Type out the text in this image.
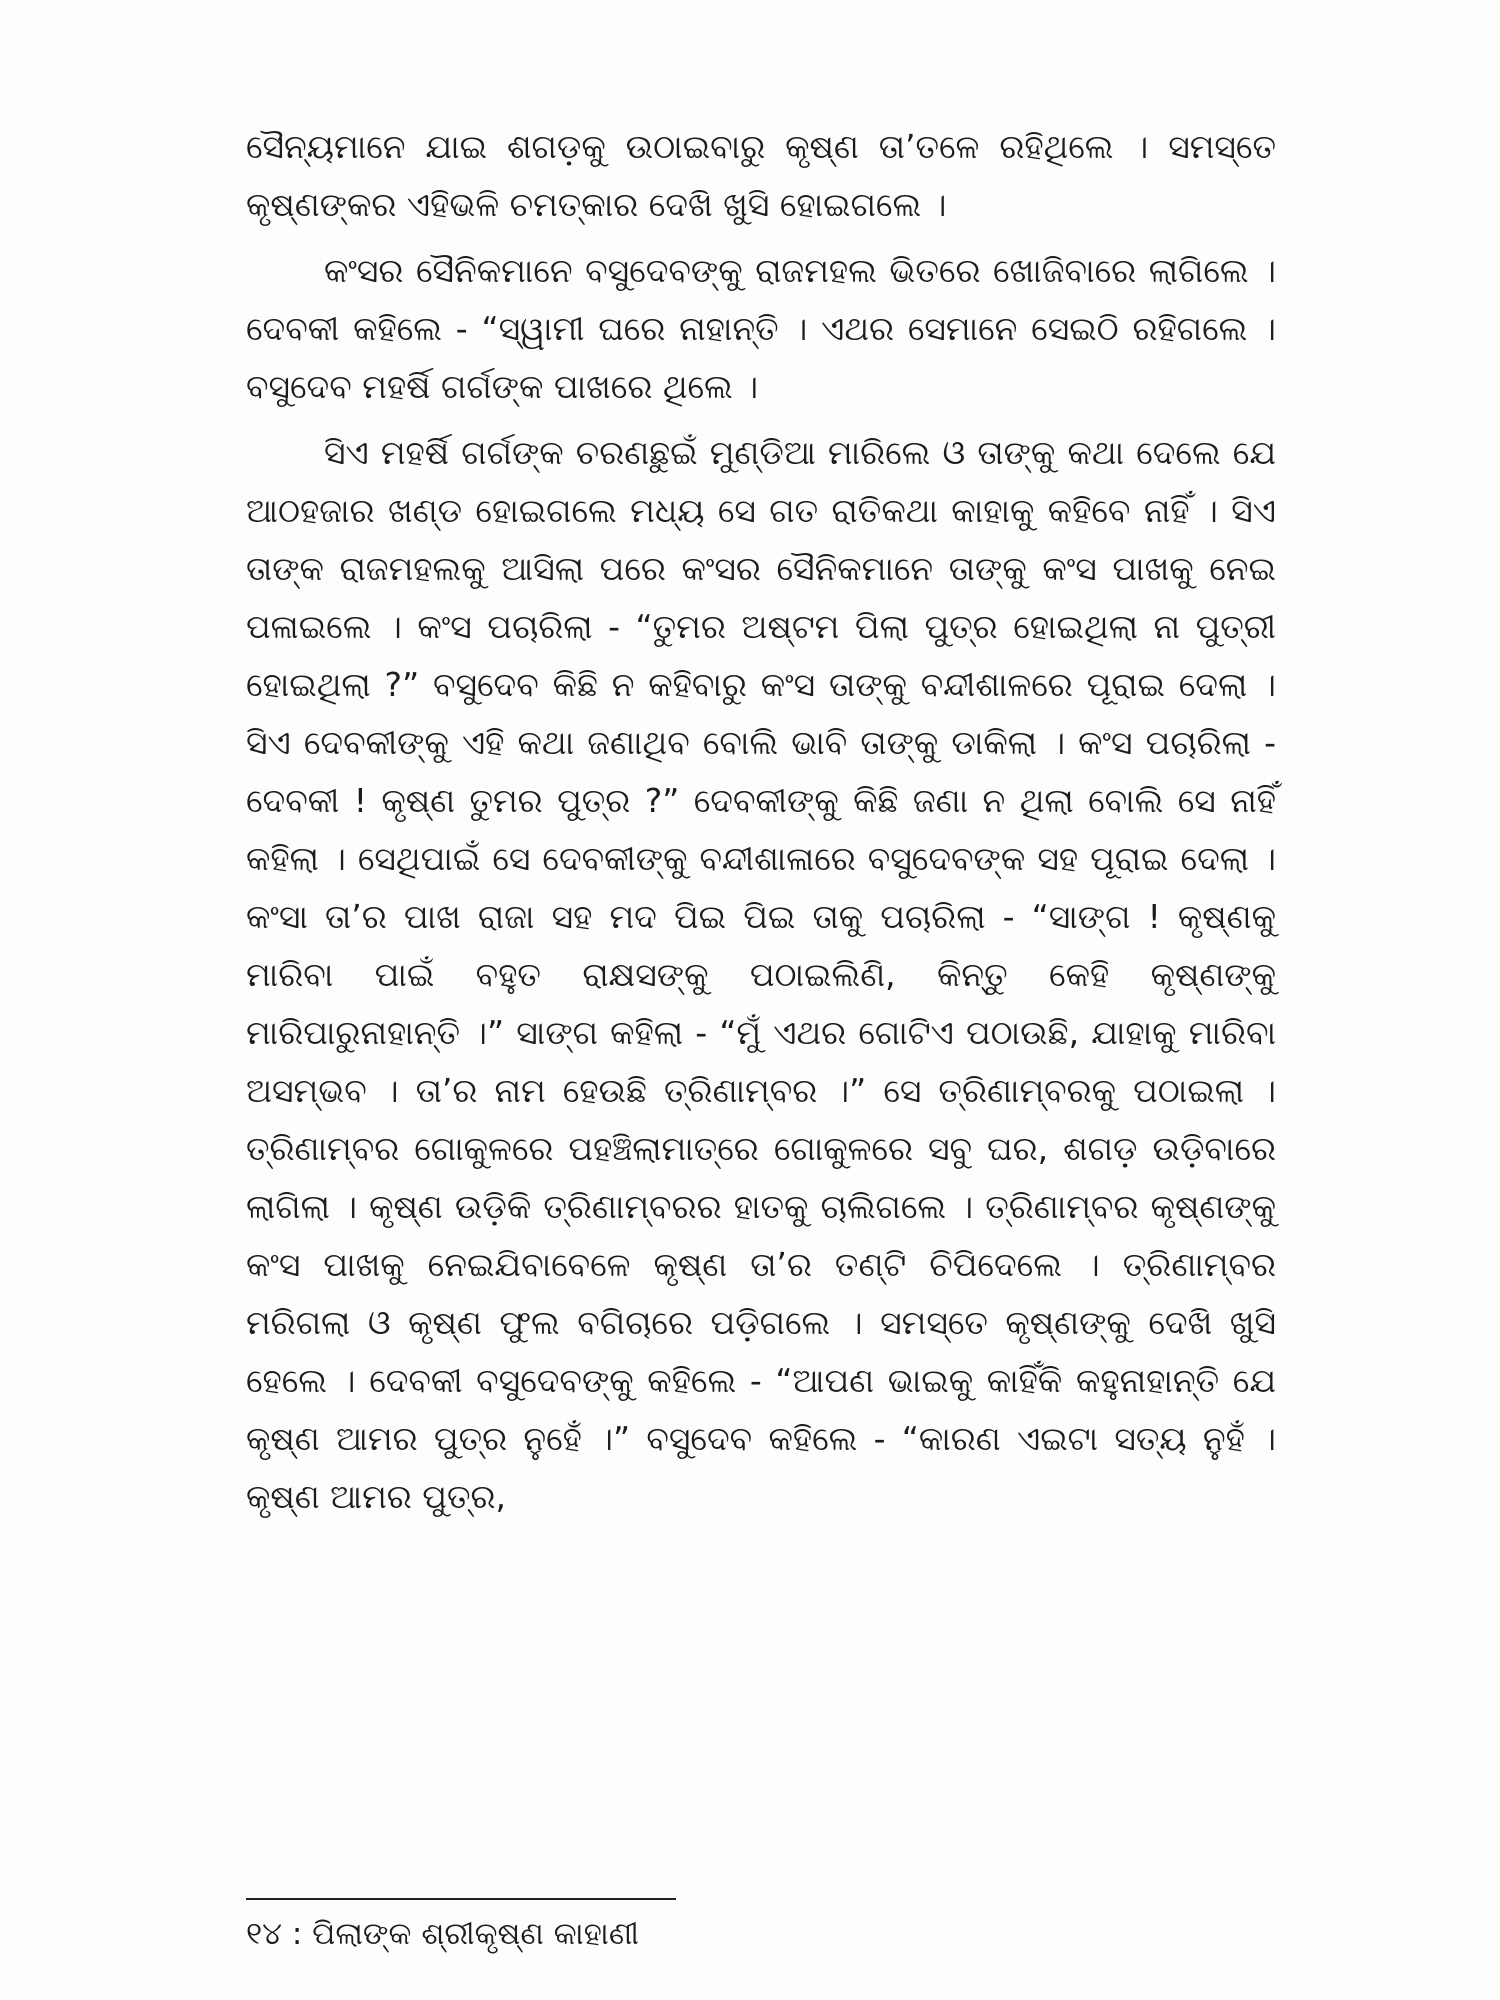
ସୈନ୍ୟମାନେ ଯାଇ ଶଗଡ଼କୁ ଉଠାଇବାରୁ କୃଷ୍ଣ ତା’ତଳେ ରହିଥିଲେ । ସମସ୍ତେ କୃଷ୍ଣଙ୍କର ଏହିଭଳି ଚମତ୍କାର ଦେଖି ଖୁସି ହୋଇଗଲେ ।

କଂସର ସୈନିକମାନେ ବସୁଦେବଙ୍କୁ ରାଜମହଲ ଭିତରେ ଖୋଜିବାରେ ଲାଗିଲେ । ଦେବକୀ କହିଲେ - “ସ୍ୱାମୀ ଘରେ ନାହାନ୍ତି । ଏଥର ସେମାନେ ସେଇଠି ରହିଗଲେ । ବସୁଦେବ ମହର୍ଷି ଗର୍ଗଙ୍କ ପାଖରେ ଥିଲେ ।

ସିଏ ମହର୍ଷି ଗର୍ଗଙ୍କ ଚରଣଛୁଇଁ ମୁଣ୍ଡିଆ ମାରିଲେ ଓ ତାଙ୍କୁ କଥା ଦେଲେ ଯେ ଆଠହଜାର ଖଣ୍ଡ ହୋଇଗଲେ ମଧ୍ୟ ସେ ଗତ ରାତିକଥା କାହାକୁ କହିବେ ନାହିଁ । ସିଏ ତାଙ୍କ ରାଜମହଲକୁ ଆସିଲା ପରେ କଂସର ସୈନିକମାନେ ତାଙ୍କୁ କଂସ ପାଖକୁ ନେଇ ପଳାଇଲେ । କଂସ ପଚାରିଲା - “ତୁମର ଅଷ୍ଟମ ପିଲା ପୁତ୍ର ହୋଇଥିଲା ନା ପୁତ୍ରୀ ହୋଇଥିଲା ?” ବସୁଦେବ କିଛି ନ କହିବାରୁ କଂସ ତାଙ୍କୁ ବନ୍ଦୀଶାଳରେ ପୂରାଇ ଦେଲା । ସିଏ ଦେବକୀଙ୍କୁ ଏହି କଥା ଜଣାଥିବ ବୋଲି ଭାବି ତାଙ୍କୁ ଡାକିଲା । କଂସ ପଚାରିଲା - ଦେବକୀ ! କୃଷ୍ଣ ତୁମର ପୁତ୍ର ?” ଦେବକୀଙ୍କୁ କିଛି ଜଣା ନ ଥିଲା ବୋଲି ସେ ନାହିଁ କହିଲା । ସେଥିପାଇଁ ସେ ଦେବକୀଙ୍କୁ ବନ୍ଦୀଶାଳାରେ ବସୁଦେବଙ୍କ ସହ ପୂରାଇ ଦେଲା । କଂସା ତା’ର ପାଖ ରାଜା ସହ ମଦ ପିଇ ପିଇ ତାକୁ ପଚାରିଲା - “ସାଙ୍ଗ ! କୃଷ୍ଣକୁ ମାରିବା ପାଇଁ ବହୁତ ରାକ୍ଷସଙ୍କୁ ପଠାଇଲିଣି, କିନ୍ତୁ କେହି କୃଷ୍ଣଙ୍କୁ ମାରିପାରୁନାହାନ୍ତି ।” ସାଙ୍ଗ କହିଲା - “ମୁଁ ଏଥର ଗୋଟିଏ ପଠାଉଛି, ଯାହାକୁ ମାରିବା ଅସମ୍ଭବ । ତା’ର ନାମ ହେଉଛି ତ୍ରିଣାମ୍ବର ।” ସେ ତ୍ରିଣାମ୍ବରକୁ ପଠାଇଲା । ତ୍ରିଣାମ୍ବର ଗୋକୁଳରେ ପହଞ୍ଚିଲାମାତ୍ରେ ଗୋକୁଳରେ ସବୁ ଘର, ଶଗଡ଼ ଉଡ଼ିବାରେ ଲାଗିଲା । କୃଷ୍ଣ ଉଡ଼ିକି ତ୍ରିଣାମ୍ବରର ହାତକୁ ଚାଲିଗଲେ । ତ୍ରିଣାମ୍ବର କୃଷ୍ଣଙ୍କୁ କଂସ ପାଖକୁ ନେଇଯିବାବେଳେ କୃଷ୍ଣ ତା’ର ତଣ୍ଟି ଚିପିଦେଲେ । ତ୍ରିଣାମ୍ବର ମରିଗଲା ଓ କୃଷ୍ଣ ଫୁଲ ବଗିଚାରେ ପଡ଼ିଗଲେ । ସମସ୍ତେ କୃଷ୍ଣଙ୍କୁ ଦେଖି ଖୁସି ହେଲେ । ଦେବକୀ ବସୁଦେବଙ୍କୁ କହିଲେ - “ଆପଣ ଭାଇକୁ କାହିଁକି କହୁନାହାନ୍ତି ଯେ କୃଷ୍ଣ ଆମର ପୁତ୍ର ନୁହେଁ ।” ବସୁଦେବ କହିଲେ - “କାରଣ ଏଇଟା ସତ୍ୟ ନୁହଁ । କୃଷ୍ଣ ଆମର ପୁତ୍ର,

୧୪ : ପିଲାଙ୍କ ଶ୍ରୀକୃଷ୍ଣ କାହାଣୀ
